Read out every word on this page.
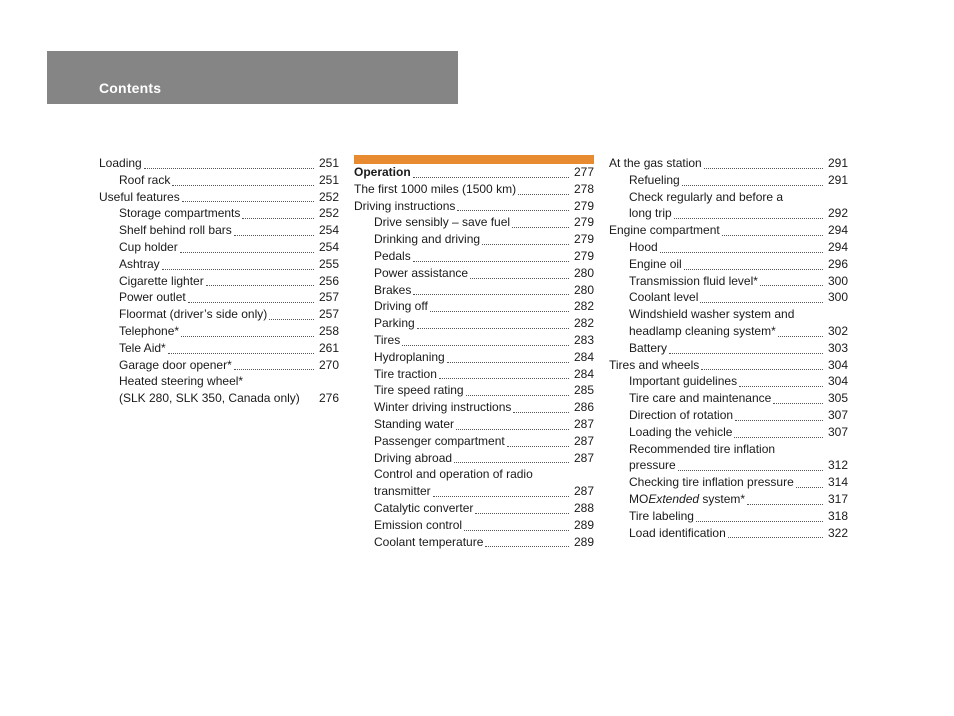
Contents
Loading	251
Roof rack	251
Useful features	252
Storage compartments	252
Shelf behind roll bars	254
Cup holder	254
Ashtray	255
Cigarette lighter	256
Power outlet	257
Floormat (driver’s side only)	257
Telephone*	258
Tele Aid*	261
Garage door opener*	270
Heated steering wheel*
(SLK 280, SLK 350, Canada only) 276
Operation	277
The first 1000 miles (1500 km)	278
Driving instructions	279
Drive sensibly – save fuel	279
Drinking and driving	279
Pedals	279
Power assistance	280
Brakes	280
Driving off	282
Parking	282
Tires	283
Hydroplaning	284
Tire traction	284
Tire speed rating	285
Winter driving instructions	286
Standing water	287
Passenger compartment	287
Driving abroad	287
Control and operation of radio
transmitter	287
Catalytic converter	288
Emission control	289
Coolant temperature	289
At the gas station	291
Refueling	291
Check regularly and before a
long trip	292
Engine compartment	294
Hood	294
Engine oil	296
Transmission fluid level*	300
Coolant level	300
Windshield washer system and
headlamp cleaning system*	302
Battery	303
Tires and wheels	304
Important guidelines	304
Tire care and maintenance	305
Direction of rotation	307
Loading the vehicle	307
Recommended tire inflation
pressure	312
Checking tire inflation pressure	314
MOExtended system*	317
Tire labeling	318
Load identification	322
